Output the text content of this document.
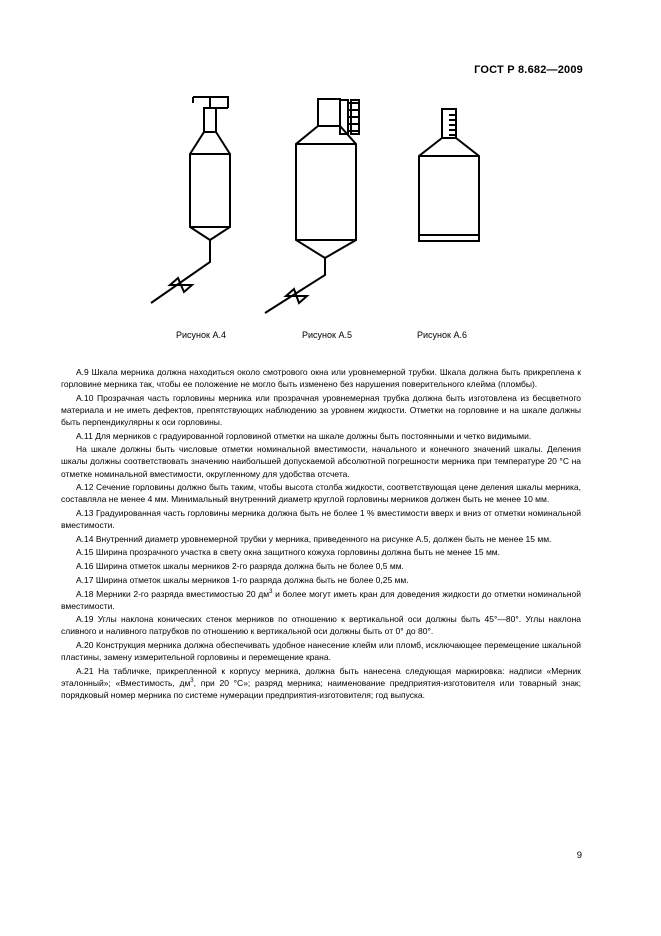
ГОСТ Р 8.682—2009
Рисунок А.4	Рисунок А.5	Рисунок А.6

А.9 Шкала мерника должна находиться около смотрового окна или уровнемерной трубки. Шкала должна быть прикреплена к горловине мерника так, чтобы ее положение не могло быть изменено без нарушения поверительного клейма (пломбы).

А.10 Прозрачная часть горловины мерника или прозрачная уровнемерная трубка должна быть изготовлена из бесцветного материала и не иметь дефектов, препятствующих наблюдению за уровнем жидкости. Отметки на горловине и на шкале должны быть перпендикулярны к оси горловины.

А.11 Для мерников с градуированной горловиной отметки на шкале должны быть постоянными и четко видимыми.

На шкале должны быть числовые отметки номинальной вместимости, начального и конечного значений шкалы. Деления шкалы должны соответствовать значению наибольшей допускаемой абсолютной погрешности мерника при температуре 20 °С на отметке номинальной вместимости, округленному для удобства отсчета.

А.12 Сечение горловины должно быть таким, чтобы высота столба жидкости, соответствующая цене деления шкалы мерника, составляла не менее 4 мм. Минимальный внутренний диаметр круглой горловины мерников должен быть не менее 10 мм.

А.13 Градуированная часть горловины мерника должна быть не более 1 % вместимости вверх и вниз от отметки номинальной вместимости.

А.14 Внутренний диаметр уровнемерной трубки у мерника, приведенного на рисунке А.5, должен быть не менее 15 мм.

А.15 Ширина прозрачного участка в свету окна защитного кожуха горловины должна быть не менее 15 мм.

А.16 Ширина отметок шкалы мерников 2-го разряда должна быть не более 0,5 мм.

А.17 Ширина отметок шкалы мерников 1-го разряда должна быть не более 0,25 мм.

А.18 Мерники 2-го разряда вместимостью 20 $дм^3$ и более могут иметь кран для доведения жидкости до отметки номинальной вместимости.

А.19 Углы наклона конических стенок мерников по отношению к вертикальной оси должны быть 45°—80°. Углы наклона сливного и наливного патрубков по отношению к вертикальной оси должны быть от 0° до 80°.

А.20 Конструкция мерника должна обеспечивать удобное нанесение клейм или пломб, исключающее перемещение шкальной пластины, замену измерительной горловины и перемещение крана.

А.21 На табличке, прикрепленной к корпусу мерника, должна быть нанесена следующая маркировка: надписи «Мерник эталонный»; «Вместимость, $дм^3$, при 20 °С»; разряд мерника; наименование предприятия-изготовителя или товарный знак; порядковый номер мерника по системе нумерации предприятия-изготовителя; год выпуска.

9
